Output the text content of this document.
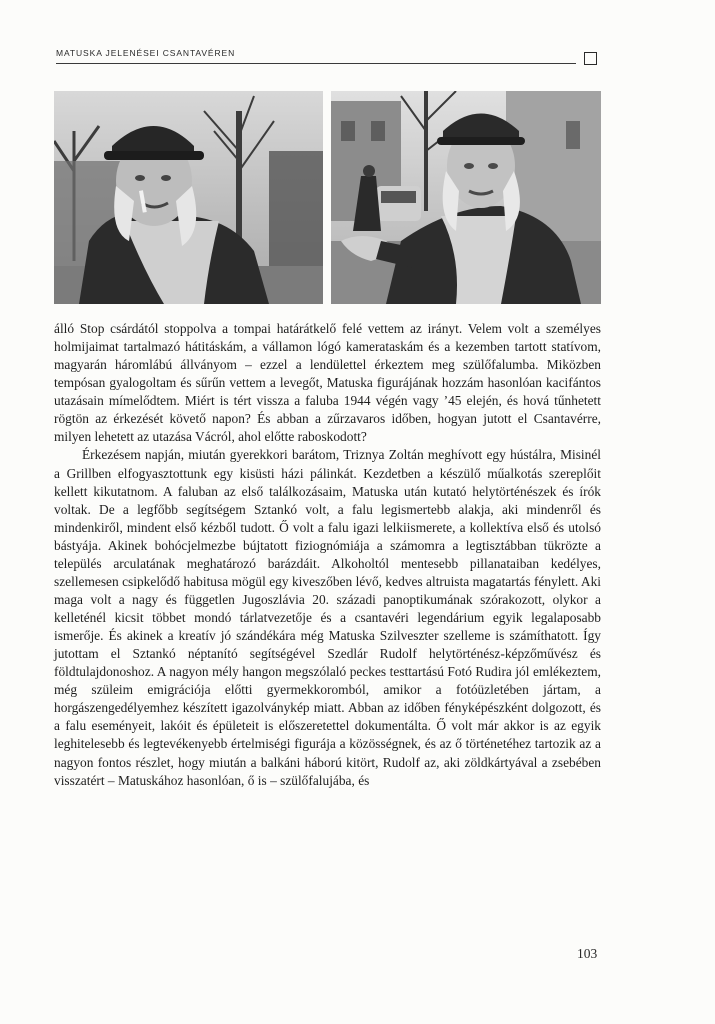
MATUSKA JELENÉSEI CSANTAVÉREN

álló Stop csárdától stoppolva a tompai határátkelő felé vettem az irányt. Velem volt a személyes holmijaimat tartalmazó hátitáskám, a vállamon lógó kamerataskám és a kezemben tartott statívom, magyarán háromlábú állványom – ezzel a lendülettel érkeztem meg szülőfalumba. Miközben tempósan gyalogoltam és sűrűn vettem a levegőt, Matuska figurájának hozzám hasonlóan kacifántos utazásain mímelődtem. Miért is tért vissza a faluba 1944 végén vagy ’45 elején, és hová tűnhetett rögtön az érkezését követő napon? És abban a zűrzavaros időben, hogyan jutott el Csantavérre, milyen lehetett az utazása Vácról, ahol előtte raboskodott?

Érkezésem napján, miután gyerekkori barátom, Triznya Zoltán meghívott egy hústálra, Misinél a Grillben elfogyasztottunk egy kisüsti házi pálinkát. Kezdetben a készülő műalkotás szereplőit kellett kikutatnom. A faluban az első találkozásaim, Matuska után kutató helytörténészek és írók voltak. De a legfőbb segítségem Sztankó volt, a falu legismertebb alakja, aki mindenről és mindenkiről, mindent első kézből tudott. Ő volt a falu igazi lelkiismerete, a kollektíva első és utolsó bástyája. Akinek bohócjelmezbe bújtatott fiziognómiája a számomra a legtisztábban tükrözte a település arculatának meghatározó barázdáit. Alkoholtól mentesebb pillanataiban kedélyes, szellemesen csipkelődő habitusa mögül egy kiveszőben lévő, kedves altruista magatartás fénylett. Aki maga volt a nagy és független Jugoszlávia 20. századi panoptikumának szórakozott, olykor a kelleténél kicsit többet mondó tárlatvezetője és a csantavéri legendárium egyik legalaposabb ismerője. És akinek a kreatív jó szándékára még Matuska Szilveszter szelleme is számíthatott. Így jutottam el Sztankó néptanító segítségével Szedlár Rudolf helytörténész-képzőművész és földtulajdonoshoz. A nagyon mély hangon megszólaló peckes testtartású Fotó Rudira jól emlékeztem, még szüleim emigrációja előtti gyermekkoromból, amikor a fotóüzletében jártam, a horgászengedélyemhez készített igazolványkép miatt. Abban az időben fényképészként dolgozott, és a falu eseményeit, lakóit és épületeit is előszeretettel dokumentálta. Ő volt már akkor is az egyik leghitelesebb és legtevékenyebb értelmiségi figurája a közösségnek, és az ő történetéhez tartozik az a nagyon fontos részlet, hogy miután a balkáni háború kitört, Rudolf az, aki zöldkártyával a zsebében visszatért – Matuskához hasonlóan, ő is – szülőfalujába, és

103
